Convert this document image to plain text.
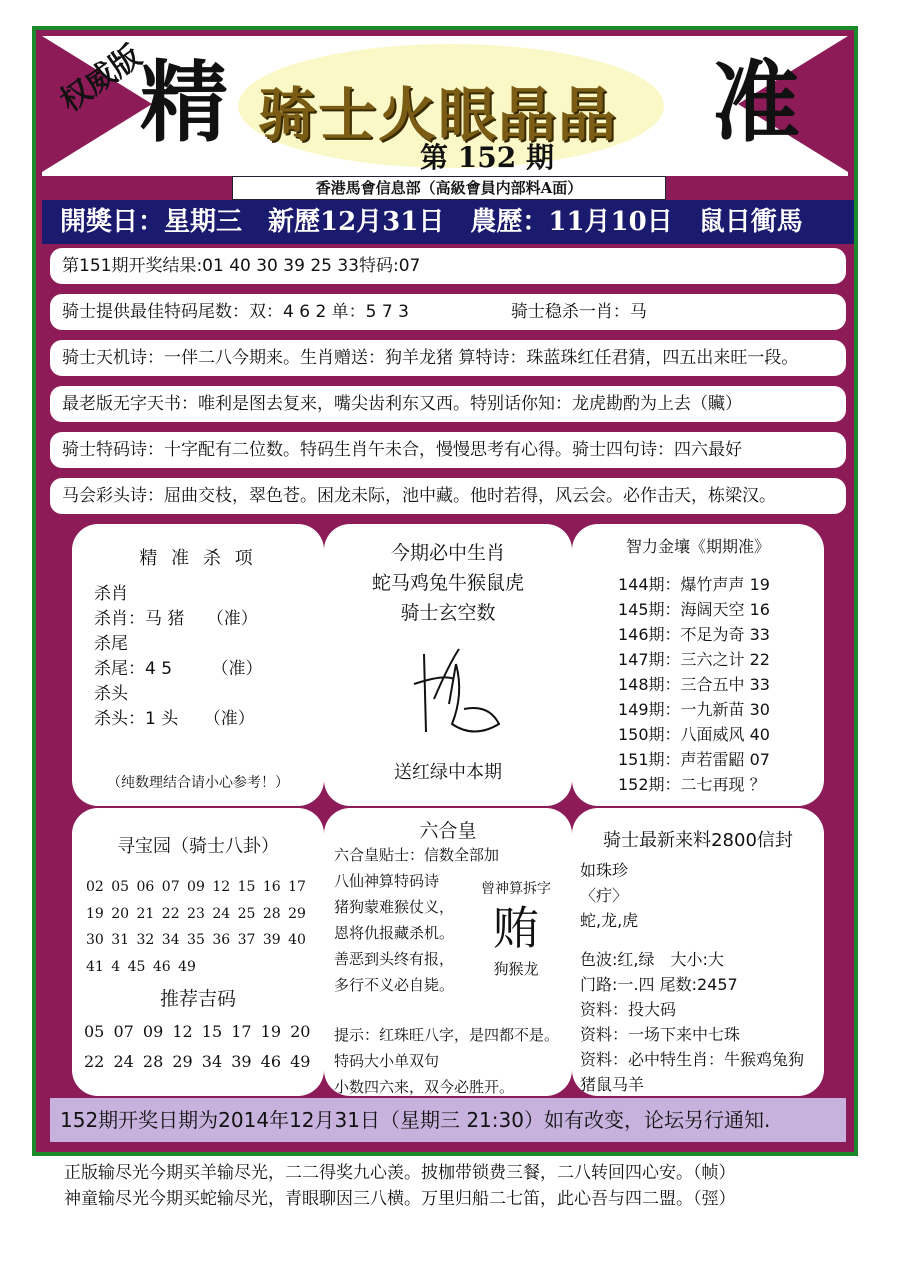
权威版
精 骑士火眼晶晶
第 152 期
准
香港馬會信息部（高級會員内部料A面）
開獎日：星期三　新歷12月31日　農歷：11月10日　鼠日衝馬
第151期开奖结果:01 40 30 39 25 33特码:07
骑士提供最佳特码尾数：双：4 6 2 单：5 7 3　　　　　　骑士稳杀一肖：马
骑士天机诗：一伴二八今期来。生肖赠送：狗羊龙猪 算特诗：珠蓝珠红任君猜，四五出来旺一段。
最老版无字天书：唯利是图去复来，嘴尖齿利东又西。特别话你知：龙虎勘酌为上去（贜）
骑士特码诗：十字配有二位数。特码生肖午未合，慢慢思考有心得。骑士四句诗：四六最好
马会彩头诗：屈曲交枝，翠色苍。困龙未际，池中藏。他时若得，风云会。必作击天，栋梁汉。
精 准 杀 项
杀肖
杀肖：马 猪　 （准）
杀尾
杀尾：4 5　　 （准）
杀头
杀头：1 头　　（准）
（纯数理结合请小心参考！）
今期必中生肖
蛇马鸡兔牛猴鼠虎
骑士玄空数
送红绿中本期
智力金壤《期期准》
144期：爆竹声声 19
145期：海阔天空 16
146期：不足为奇 33
147期：三六之计 22
148期：三合五中 33
149期：一九新苗 30
150期：八面威风 40
151期：声若雷鼦 07
152期：二七再现 ？
寻宝园（骑士八卦）
02 05 06 07 09 12 15 16 17 19 20 21 22 23 24 25 28 29 30 31 32 34 35 36 37 39 40 41 4 45 46 49
推荐吉码
05 07 09 12 15 17 19 20 22 24 28 29 34 39 46 49
六合皇
六合皇贴士：信数全部加
八仙神算特码诗
猪狗蒙难猴仗义，
恩将仇报藏杀机。
善恶到头终有报，
多行不义必自毙。
曾神算拆字
贿
狗猴龙
提示：红珠旺八字，是四都不是。
特码大小单双句
小数四六来，双今必胜开。
骑士最新来料2800信封
如珠珍
〈疔〉
蛇,龙,虎
色波:红,绿　大小:大
门路:一.四 尾数:2457
资料：投大码
资料：一场下来中七珠
资料：必中特生肖：牛猴鸡兔狗猪鼠马羊
152期开奖日期为2014年12月31日（星期三 21:30）如有改变，论坛另行通知.
正版输尽光今期买羊输尽光，二二得奖九心羡。披枷带锁费三餐，二八转回四心安。（帧）
神童输尽光今期买蛇输尽光，青眼聊因三八横。万里归船二七笛，此心吾与四二盟。（弳）
